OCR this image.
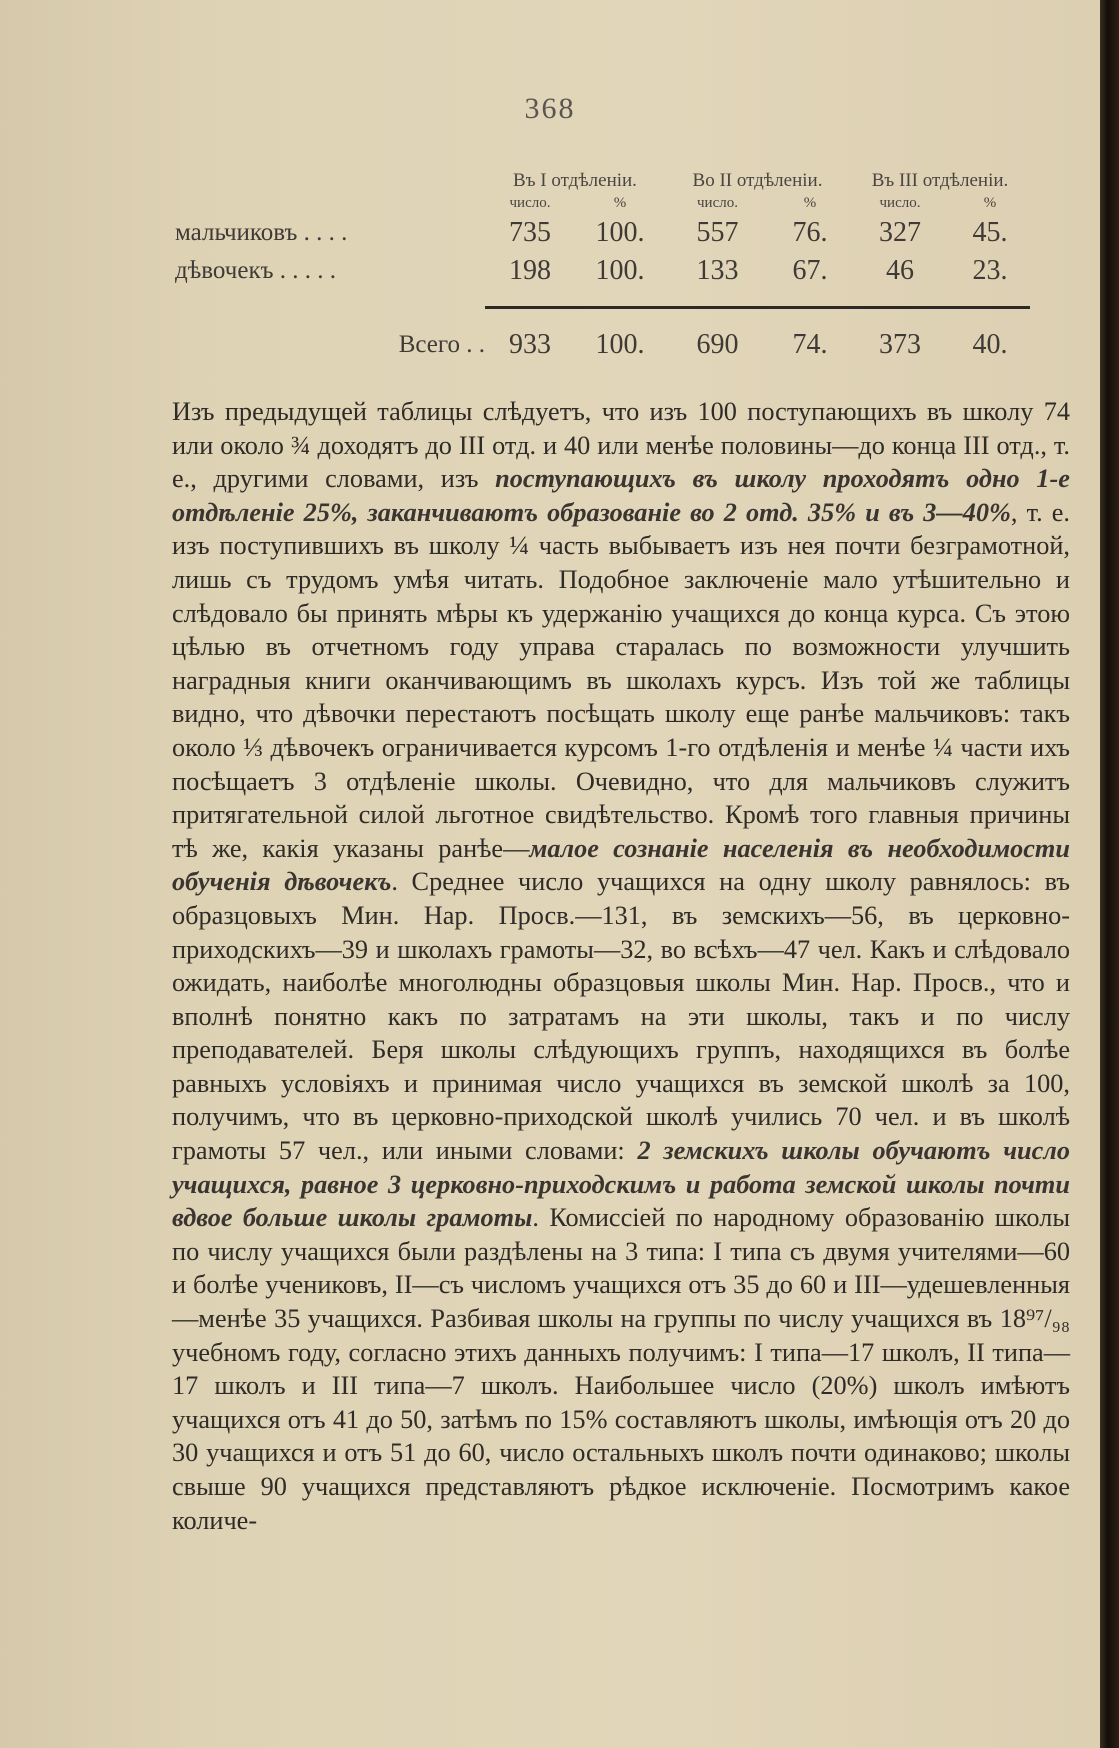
368
	Въ I отдѣленіи.		Во II отдѣленіи.		Въ III отдѣленіи.	
	число.	%	число.	%	число.	%
мальчиковъ . . . .	735	100.	557	76.	327	45.
дѣвочекъ . . . . .	198	100.	133	67.	46	23.

Всего . .	933	100.	690	74.	373	40.
Изъ предыдущей таблицы слѣдуетъ, что изъ 100 поступающихъ въ школу 74 или около ¾ доходятъ до III отд. и 40 или менѣе половины—до конца III отд., т. е., другими словами, изъ поступающихъ въ школу проходятъ одно 1-е отдѣленіе 25%, заканчиваютъ образованіе во 2 отд. 35% и въ 3—40%, т. е. изъ поступившихъ въ школу ¼ часть выбываетъ изъ нея почти безграмотной, лишь съ трудомъ умѣя читать. Подобное заключеніе мало утѣшительно и слѣдовало бы принять мѣры къ удержанію учащихся до конца курса. Съ этою цѣлью въ отчетномъ году управа старалась по возможности улучшить наградныя книги оканчивающимъ въ школахъ курсъ. Изъ той же таблицы видно, что дѣвочки перестаютъ посѣщать школу еще ранѣе мальчиковъ: такъ около ⅓ дѣвочекъ ограничивается курсомъ 1-го отдѣленія и менѣе ¼ части ихъ посѣщаетъ 3 отдѣленіе школы. Очевидно, что для мальчиковъ служитъ притягательной силой льготное свидѣтельство. Кромѣ того главныя причины тѣ же, какія указаны ранѣе—малое сознаніе населенія въ необходимости обученія дѣвочекъ. Среднее число учащихся на одну школу равнялось: въ образцовыхъ Мин. Нар. Просв.—131, въ земскихъ—56, въ церковно-приходскихъ—39 и школахъ грамоты—32, во всѣхъ—47 чел. Какъ и слѣдовало ожидать, наиболѣе многолюдны образцовыя школы Мин. Нар. Просв., что и вполнѣ понятно какъ по затратамъ на эти школы, такъ и по числу преподавателей. Беря школы слѣдующихъ группъ, находящихся въ болѣе равныхъ условіяхъ и принимая число учащихся въ земской школѣ за 100, получимъ, что въ церковно-приходской школѣ учились 70 чел. и въ школѣ грамоты 57 чел., или иными словами: 2 земскихъ школы обучаютъ число учащихся, равное 3 церковно-приходскимъ и работа земской школы почти вдвое больше школы грамоты. Комиссіей по народному образованію школы по числу учащихся были раздѣлены на 3 типа: I типа съ двумя учителями—60 и болѣе учениковъ, II—съ числомъ учащихся отъ 35 до 60 и III—удешевленныя—менѣе 35 учащихся. Разбивая школы на группы по числу учащихся въ 18⁹⁷/₉₈ учебномъ году, согласно этихъ данныхъ получимъ: I типа—17 школъ, II типа—17 школъ и III типа—7 школъ. Наибольшее число (20%) школъ имѣютъ учащихся отъ 41 до 50, затѣмъ по 15% составляютъ школы, имѣющія отъ 20 до 30 учащихся и отъ 51 до 60, число остальныхъ школъ почти одинаково; школы свыше 90 учащихся представляютъ рѣдкое исключеніе. Посмотримъ какое количе-
